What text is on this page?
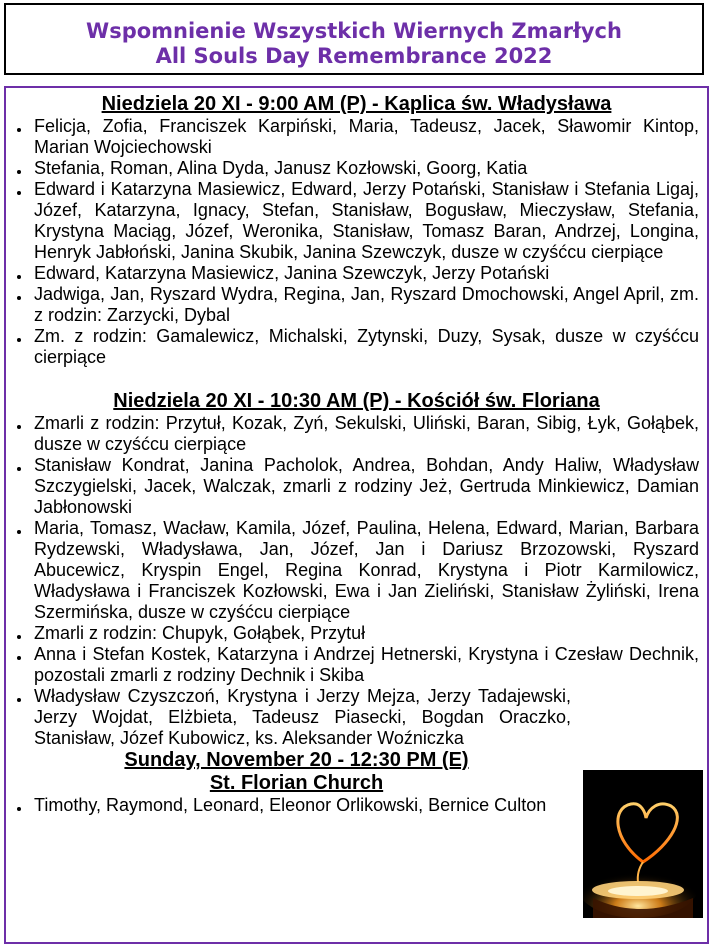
Wspomnienie Wszystkich Wiernych Zmarłych
All Souls Day Remembrance 2022
Niedziela 20 XI - 9:00 AM (P) - Kaplica św. Władysława
Felicja, Zofia, Franciszek Karpiński, Maria, Tadeusz, Jacek, Sławomir Kintop, Marian Wojciechowski
Stefania, Roman, Alina Dyda, Janusz Kozłowski, Goorg, Katia
Edward i Katarzyna Masiewicz, Edward, Jerzy Potański, Stanisław i Stefania Ligaj, Józef, Katarzyna, Ignacy, Stefan, Stanisław, Bogusław, Mieczysław, Stefania, Krystyna Maciąg, Józef, Weronika, Stanisław, Tomasz Baran, Andrzej, Longina, Henryk Jabłoński, Janina Skubik, Janina Szewczyk, dusze w czyśćcu cierpiące
Edward, Katarzyna Masiewicz, Janina Szewczyk, Jerzy Potański
Jadwiga, Jan, Ryszard Wydra, Regina, Jan, Ryszard Dmochowski, Angel April, zm. z rodzin: Zarzycki, Dybal
Zm. z rodzin: Gamalewicz, Michalski, Zytynski, Duzy, Sysak, dusze w czyśćcu cierpiące
Niedziela 20 XI - 10:30 AM (P) - Kościół św. Floriana
Zmarli z rodzin: Przytuł, Kozak, Zyń, Sekulski, Uliński, Baran, Sibig, Łyk, Gołąbek, dusze w czyśćcu cierpiące
Stanisław Kondrat, Janina Pacholok, Andrea, Bohdan, Andy Haliw, Władysław Szczygielski, Jacek, Walczak, zmarli z rodziny Jeż, Gertruda Minkiewicz, Damian Jabłonowski
Maria, Tomasz, Wacław, Kamila, Józef, Paulina, Helena, Edward, Marian, Barbara Rydzewski, Władysława, Jan, Józef, Jan i Dariusz Brzozowski, Ryszard Abucewicz, Kryspin Engel, Regina Konrad, Krystyna i Piotr Karmilowicz, Władysława i Franciszek Kozłowski, Ewa i Jan Zieliński, Stanisław Żyliński, Irena Szermińska, dusze w czyśćcu cierpiące
Zmarli z rodzin: Chupyk, Gołąbek, Przytuł
Anna i Stefan Kostek, Katarzyna i Andrzej Hetnerski, Krystyna i Czesław Dechnik, pozostali zmarli z rodziny Dechnik i Skiba
Władysław Czyszczoń, Krystyna i Jerzy Mejza, Jerzy Tadajewski, Jerzy Wojdat, Elżbieta, Tadeusz Piasecki, Bogdan Oraczko, Stanisław, Józef Kubowicz, ks. Aleksander Woźniczka
Sunday, November 20 - 12:30 PM (E)
St. Florian Church
Timothy, Raymond, Leonard, Eleonor Orlikowski, Bernice Culton
